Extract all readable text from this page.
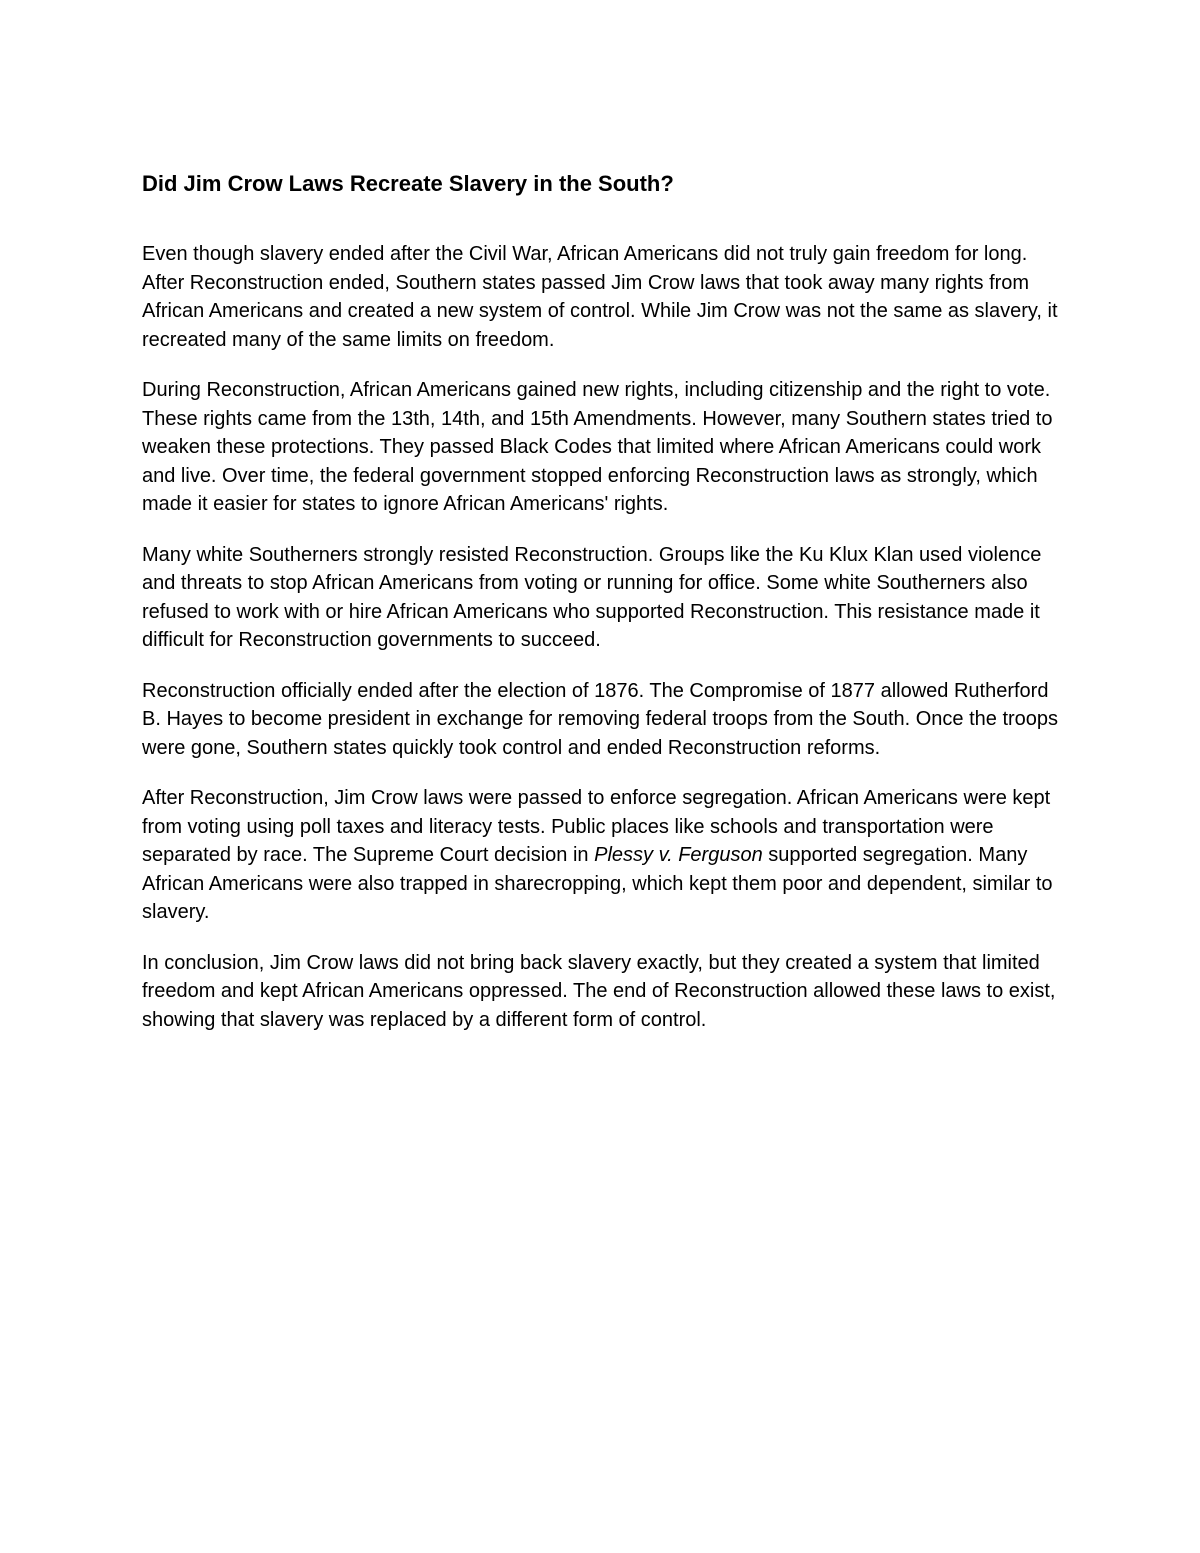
Did Jim Crow Laws Recreate Slavery in the South?

Even though slavery ended after the Civil War, African Americans did not truly gain freedom for long. After Reconstruction ended, Southern states passed Jim Crow laws that took away many rights from African Americans and created a new system of control. While Jim Crow was not the same as slavery, it recreated many of the same limits on freedom.

During Reconstruction, African Americans gained new rights, including citizenship and the right to vote. These rights came from the 13th, 14th, and 15th Amendments. However, many Southern states tried to weaken these protections. They passed Black Codes that limited where African Americans could work and live. Over time, the federal government stopped enforcing Reconstruction laws as strongly, which made it easier for states to ignore African Americans' rights.

Many white Southerners strongly resisted Reconstruction. Groups like the Ku Klux Klan used violence and threats to stop African Americans from voting or running for office. Some white Southerners also refused to work with or hire African Americans who supported Reconstruction. This resistance made it difficult for Reconstruction governments to succeed.

Reconstruction officially ended after the election of 1876. The Compromise of 1877 allowed Rutherford B. Hayes to become president in exchange for removing federal troops from the South. Once the troops were gone, Southern states quickly took control and ended Reconstruction reforms.

After Reconstruction, Jim Crow laws were passed to enforce segregation. African Americans were kept from voting using poll taxes and literacy tests. Public places like schools and transportation were separated by race. The Supreme Court decision in Plessy v. Ferguson supported segregation. Many African Americans were also trapped in sharecropping, which kept them poor and dependent, similar to slavery.

In conclusion, Jim Crow laws did not bring back slavery exactly, but they created a system that limited freedom and kept African Americans oppressed. The end of Reconstruction allowed these laws to exist, showing that slavery was replaced by a different form of control.
